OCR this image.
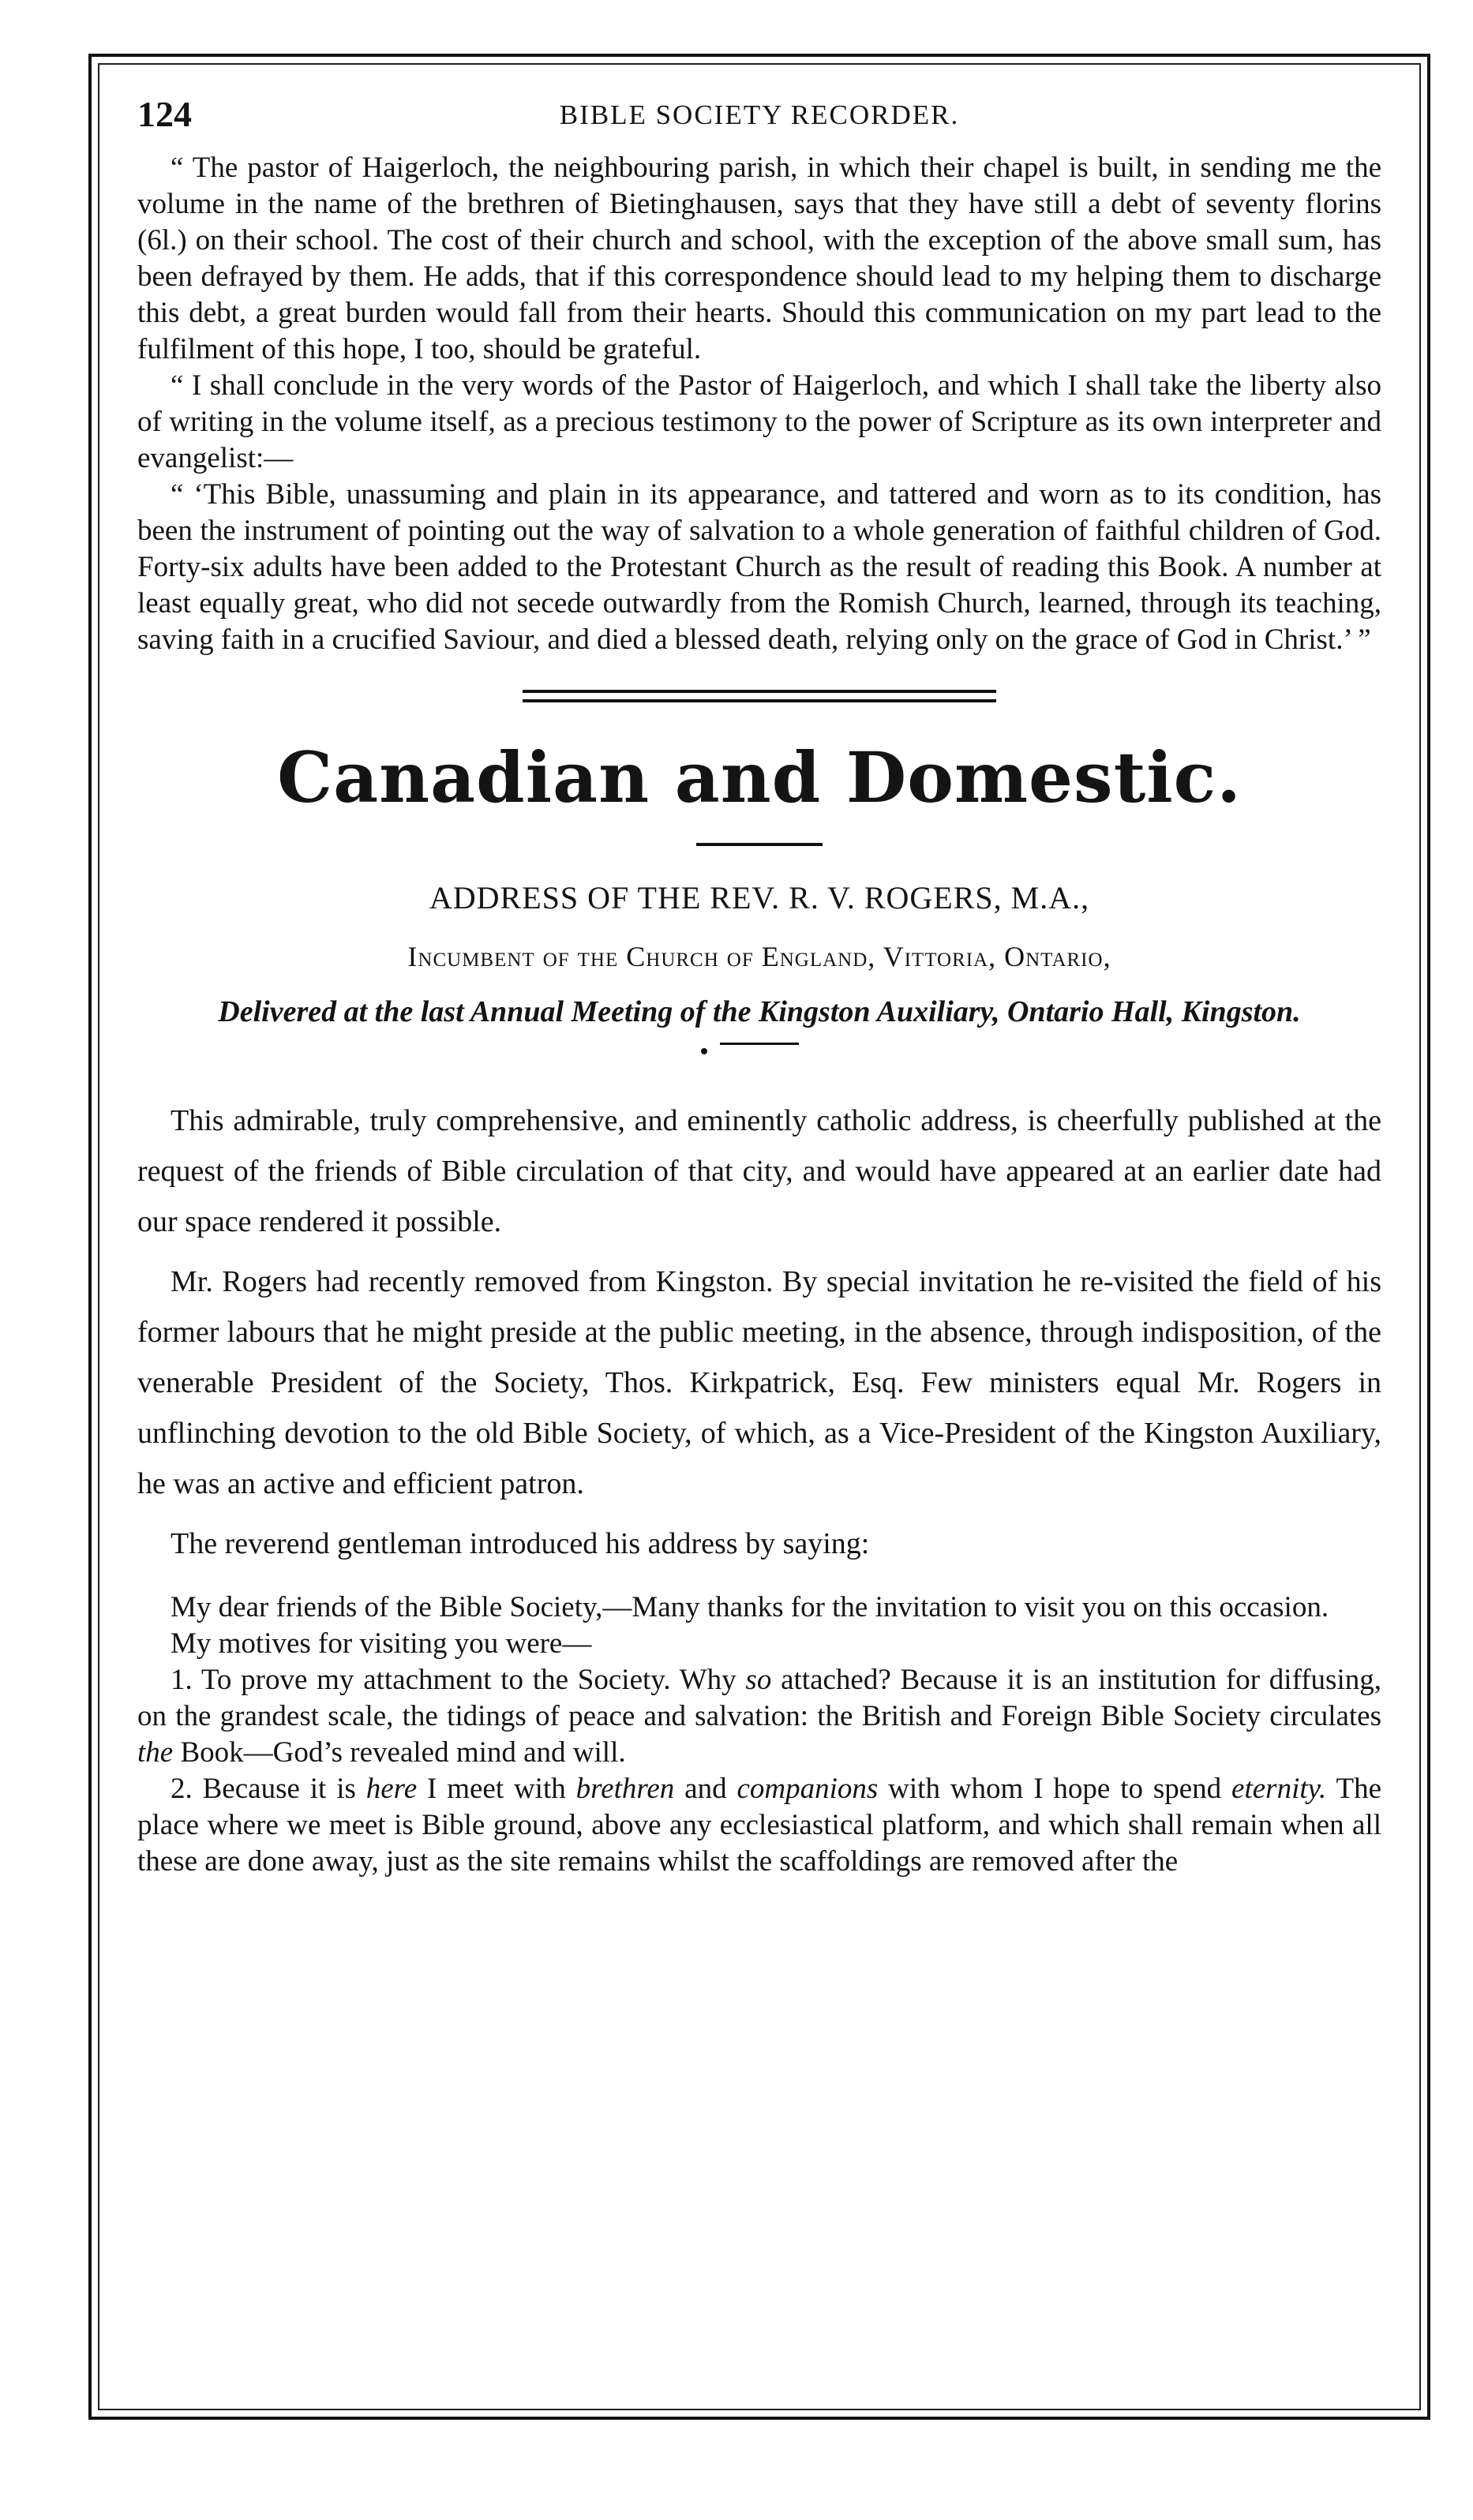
124	BIBLE SOCIETY RECORDER.

“ The pastor of Haigerloch, the neighbouring parish, in which their chapel is built, in sending me the volume in the name of the brethren of Bietinghausen, says that they have still a debt of seventy florins (6l.) on their school. The cost of their church and school, with the exception of the above small sum, has been defrayed by them. He adds, that if this correspondence should lead to my helping them to discharge this debt, a great burden would fall from their hearts. Should this communication on my part lead to the fulfilment of this hope, I too, should be grateful.

“ I shall conclude in the very words of the Pastor of Haigerloch, and which I shall take the liberty also of writing in the volume itself, as a precious testimony to the power of Scripture as its own interpreter and evangelist:—

“ ‘This Bible, unassuming and plain in its appearance, and tattered and worn as to its condition, has been the instrument of pointing out the way of salvation to a whole generation of faithful children of God. Forty-six adults have been added to the Protestant Church as the result of reading this Book. A number at least equally great, who did not secede outwardly from the Romish Church, learned, through its teaching, saving faith in a crucified Saviour, and died a blessed death, relying only on the grace of God in Christ.’ ”

Canadian and Domestic.
ADDRESS OF THE REV. R. V. ROGERS, M.A.,
Incumbent of the Church of England, Vittoria, Ontario,
Delivered at the last Annual Meeting of the Kingston Auxiliary, Ontario Hall, Kingston.

This admirable, truly comprehensive, and eminently catholic address, is cheerfully published at the request of the friends of Bible circulation of that city, and would have appeared at an earlier date had our space rendered it possible.

Mr. Rogers had recently removed from Kingston. By special invitation he re-visited the field of his former labours that he might preside at the public meeting, in the absence, through indisposition, of the venerable President of the Society, Thos. Kirkpatrick, Esq. Few ministers equal Mr. Rogers in unflinching devotion to the old Bible Society, of which, as a Vice-President of the Kingston Auxiliary, he was an active and efficient patron.

The reverend gentleman introduced his address by saying:

My dear friends of the Bible Society,—Many thanks for the invitation to visit you on this occasion.

My motives for visiting you were—

1. To prove my attachment to the Society. Why so attached? Because it is an institution for diffusing, on the grandest scale, the tidings of peace and salvation: the British and Foreign Bible Society circulates the Book—God’s revealed mind and will.

2. Because it is here I meet with brethren and companions with whom I hope to spend eternity. The place where we meet is Bible ground, above any ecclesiastical platform, and which shall remain when all these are done away, just as the site remains whilst the scaffoldings are removed after the
